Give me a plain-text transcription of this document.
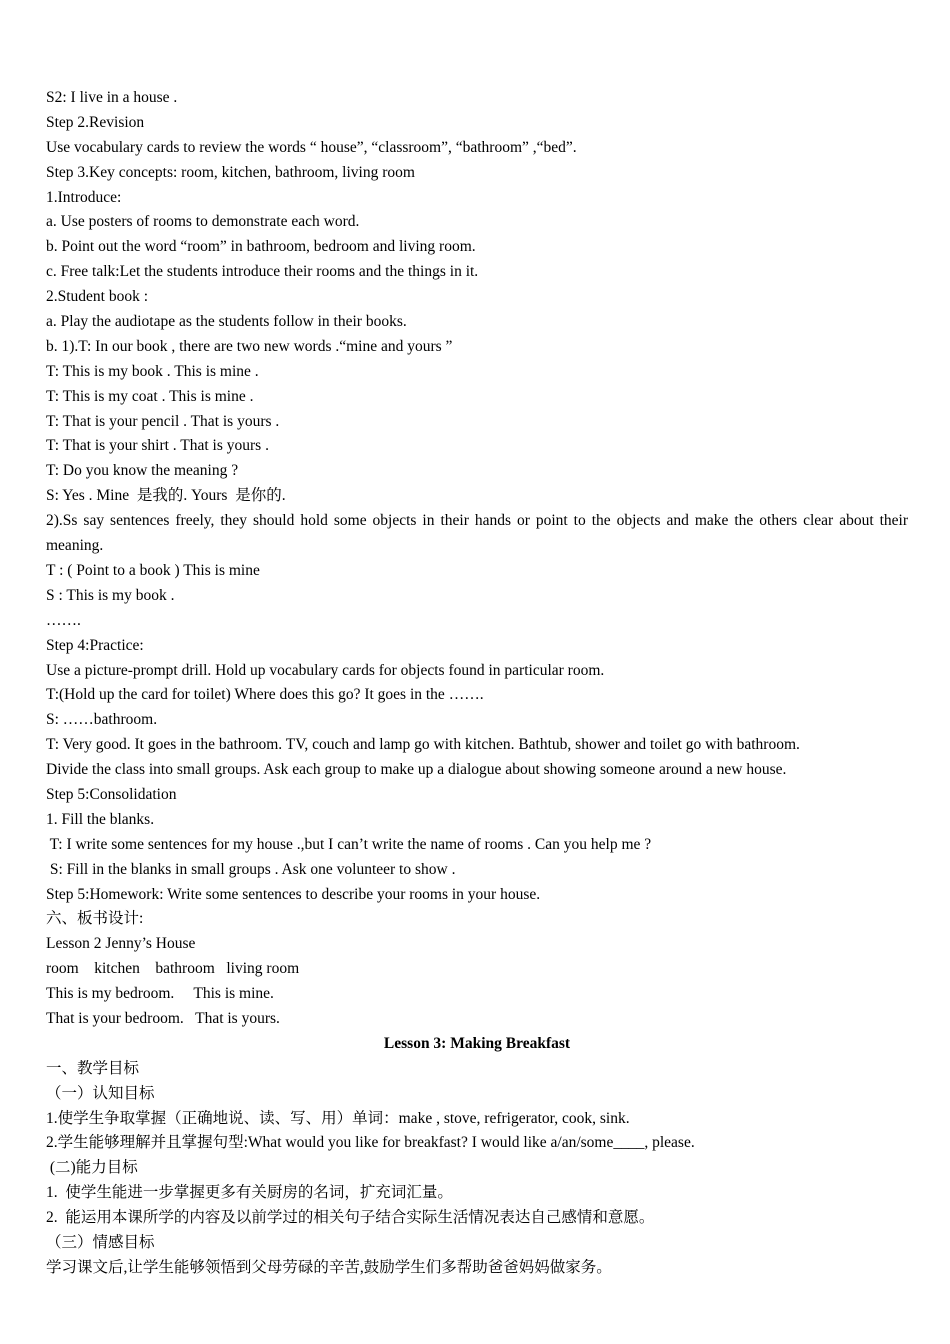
S2: I live in a house .
Step 2.Revision
Use vocabulary cards to review the words “ house”, “classroom”, “bathroom” ,“bed”.
Step 3.Key concepts: room, kitchen, bathroom, living room
1.Introduce:
a. Use posters of rooms to demonstrate each word.
b. Point out the word “room” in bathroom, bedroom and living room.
c. Free talk:Let the students introduce their rooms and the things in it.
2.Student book :
a. Play the audiotape as the students follow in their books.
b. 1).T: In our book , there are two new words .“mine and yours ”
T: This is my book . This is mine .
T: This is my coat . This is mine .
T: That is your pencil . That is yours .
T: That is your shirt . That is yours .
T: Do you know the meaning ?
S: Yes . Mine  是我的. Yours  是你的.
2).Ss say sentences freely, they should hold some objects in their hands or point to the objects and make the others clear about their meaning.
T : ( Point to a book ) This is mine
S : This is my book .
…….
Step 4:Practice:
Use a picture-prompt drill. Hold up vocabulary cards for objects found in particular room.
T:(Hold up the card for toilet) Where does this go? It goes in the …….
S: ……bathroom.
T: Very good. It goes in the bathroom. TV, couch and lamp go with kitchen. Bathtub, shower and toilet go with bathroom.
Divide the class into small groups. Ask each group to make up a dialogue about showing someone around a new house.
Step 5:Consolidation
1. Fill the blanks.
T: I write some sentences for my house .,but I can’t write the name of rooms . Can you help me ?
S: Fill in the blanks in small groups . Ask one volunteer to show .
Step 5:Homework: Write some sentences to describe your rooms in your house.
六、板书设计:
Lesson 2 Jenny’s House
room    kitchen    bathroom   living room
This is my bedroom.     This is mine.
That is your bedroom.   That is yours.
Lesson 3: Making Breakfast
一、教学目标
（一）认知目标
1.使学生争取掌握（正确地说、读、写、用）单词：make , stove, refrigerator, cook, sink.
2.学生能够理解并且掌握句型:What would you like for breakfast? I would like a/an/some____, please.
(二)能力目标
1.  使学生能进一步掌握更多有关厨房的名词，扩充词汇量。
2.  能运用本课所学的内容及以前学过的相关句子结合实际生活情况表达自己感情和意愿。
（三）情感目标
学习课文后,让学生能够领悟到父母劳碌的辛苦,鼓励学生们多帮助爸爸妈妈做家务。
